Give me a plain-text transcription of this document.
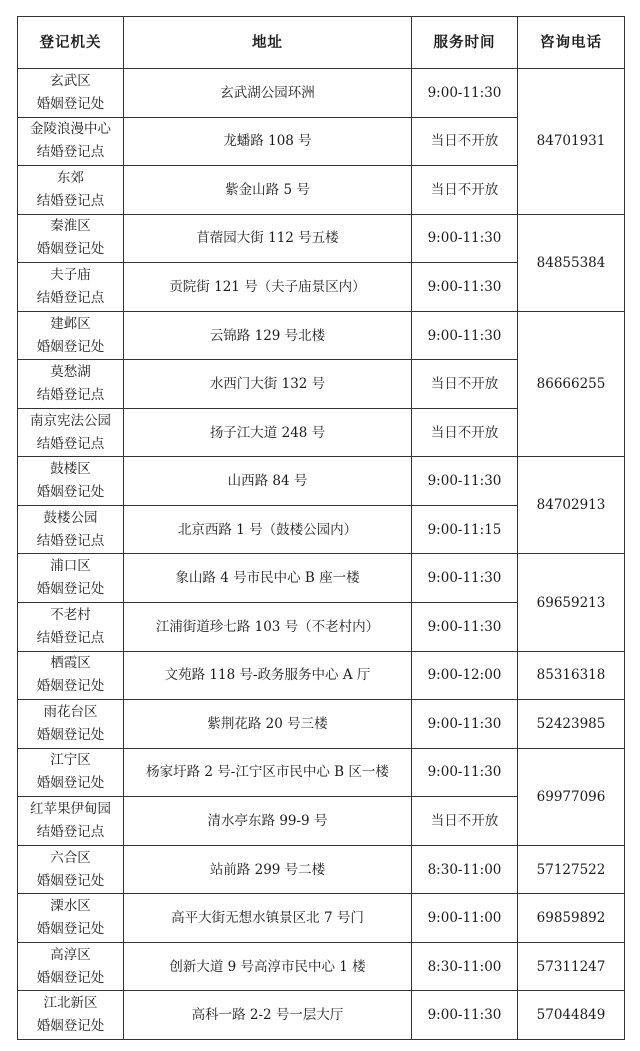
登记机关	地址	服务时间	咨询电话

玄武区
婚姻登记处	玄武湖公园环洲	9:00-11:30	84701931

金陵浪漫中心
结婚登记点	龙蟠路 108 号	当日不开放	

东郊
结婚登记点	紫金山路 5 号	当日不开放	

秦淮区
婚姻登记处	苜蓿园大街 112 号五楼	9:00-11:30	84855384

夫子庙
结婚登记点	贡院街 121 号（夫子庙景区内）	9:00-11:30	

建邺区
婚姻登记处	云锦路 129 号北楼	9:00-11:30	86666255

莫愁湖
结婚登记点	水西门大街 132 号	当日不开放	

南京宪法公园
结婚登记点	扬子江大道 248 号	当日不开放	

鼓楼区
婚姻登记处	山西路 84 号	9:00-11:30	84702913

鼓楼公园
结婚登记点	北京西路 1 号（鼓楼公园内）	9:00-11:15	

浦口区
婚姻登记处	象山路 4 号市民中心 B 座一楼	9:00-11:30	69659213

不老村
结婚登记点	江浦街道珍七路 103 号（不老村内）	9:00-11:30	

栖霞区
婚姻登记处	文苑路 118 号-政务服务中心 A 厅	9:00-12:00	85316318

雨花台区
婚姻登记处	紫荆花路 20 号三楼	9:00-11:30	52423985

江宁区
婚姻登记处	杨家圩路 2 号-江宁区市民中心 B 区一楼	9:00-11:30	69977096

红苹果伊甸园
结婚登记点	清水亭东路 99-9 号	当日不开放	

六合区
婚姻登记处	站前路 299 号二楼	8:30-11:00	57127522

溧水区
婚姻登记处	高平大街无想水镇景区北 7 号门	9:00-11:00	69859892

高淳区
婚姻登记处	创新大道 9 号高淳市民中心 1 楼	8:30-11:00	57311247

江北新区
婚姻登记处	高科一路 2-2 号一层大厅	9:00-11:30	57044849
